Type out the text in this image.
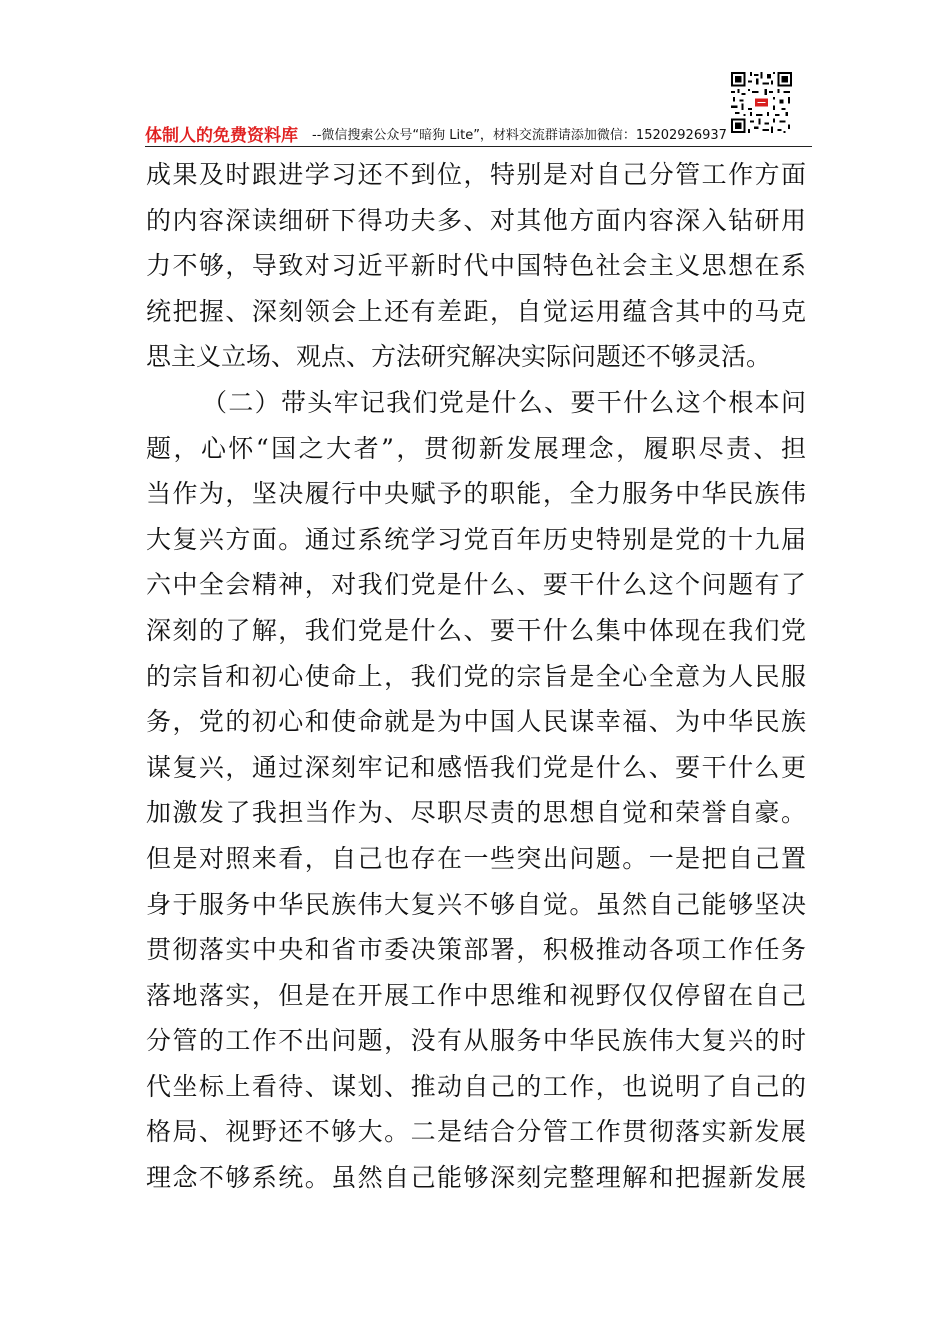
体制人的免费资料库 --微信搜索公众号“暗狗 Lite”，材料交流群请添加微信：15202926937
成果及时跟进学习还不到位，特别是对自己分管工作方面
的内容深读细研下得功夫多、对其他方面内容深入钻研用
力不够，导致对习近平新时代中国特色社会主义思想在系
统把握、深刻领会上还有差距，自觉运用蕴含其中的马克
思主义立场、观点、方法研究解决实际问题还不够灵活。
（二）带头牢记我们党是什么、要干什么这个根本问
题，心怀“国之大者”，贯彻新发展理念，履职尽责、担
当作为，坚决履行中央赋予的职能，全力服务中华民族伟
大复兴方面。通过系统学习党百年历史特别是党的十九届
六中全会精神，对我们党是什么、要干什么这个问题有了
深刻的了解，我们党是什么、要干什么集中体现在我们党
的宗旨和初心使命上，我们党的宗旨是全心全意为人民服
务，党的初心和使命就是为中国人民谋幸福、为中华民族
谋复兴，通过深刻牢记和感悟我们党是什么、要干什么更
加激发了我担当作为、尽职尽责的思想自觉和荣誉自豪。
但是对照来看，自己也存在一些突出问题。一是把自己置
身于服务中华民族伟大复兴不够自觉。虽然自己能够坚决
贯彻落实中央和省市委决策部署，积极推动各项工作任务
落地落实，但是在开展工作中思维和视野仅仅停留在自己
分管的工作不出问题，没有从服务中华民族伟大复兴的时
代坐标上看待、谋划、推动自己的工作，也说明了自己的
格局、视野还不够大。二是结合分管工作贯彻落实新发展
理念不够系统。虽然自己能够深刻完整理解和把握新发展
